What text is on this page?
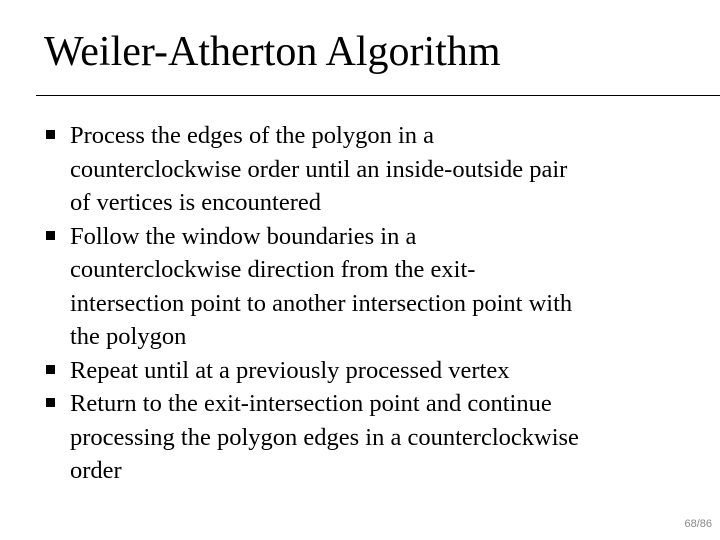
Weiler-Atherton Algorithm
Process the edges of the polygon in a
counterclockwise order until an inside-outside pair
of vertices is encountered
Follow the window boundaries in a
counterclockwise direction from the exit-
intersection point to another intersection point with
the polygon
Repeat until at a previously processed vertex
Return to the exit-intersection point and continue
processing the polygon edges in a counterclockwise
order
68/86
